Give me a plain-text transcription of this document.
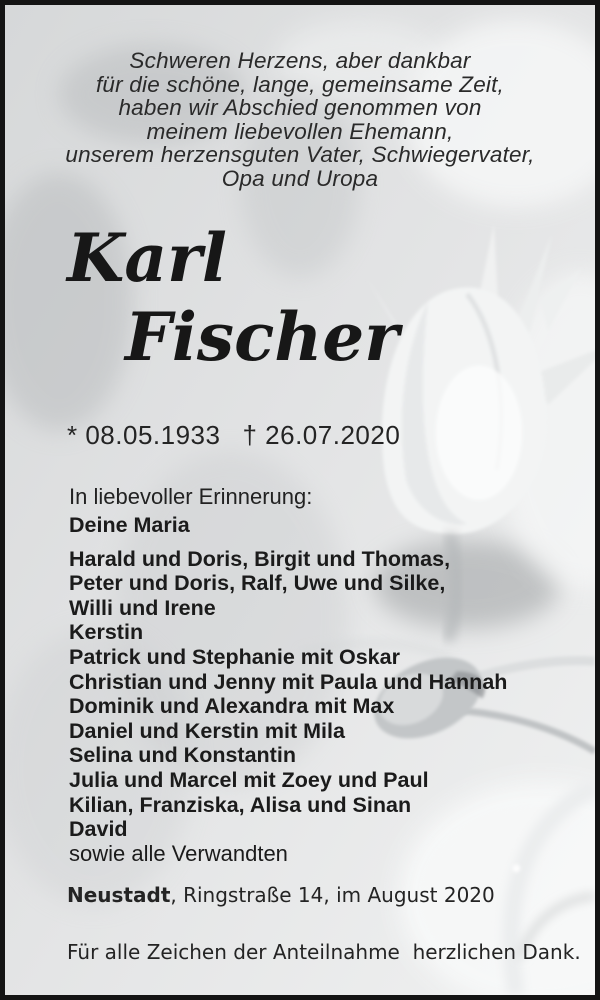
Schweren Herzens, aber dankbar
für die schöne, lange, gemeinsame Zeit,
haben wir Abschied genommen von
meinem liebevollen Ehemann,
unserem herzensguten Vater, Schwiegervater,
Opa und Uropa
Karl
Fischer
* 08.05.1933 † 26.07.2020
In liebevoller Erinnerung:
Deine Maria
Harald und Doris, Birgit und Thomas,
Peter und Doris, Ralf, Uwe und Silke,
Willi und Irene
Kerstin
Patrick und Stephanie mit Oskar
Christian und Jenny mit Paula und Hannah
Dominik und Alexandra mit Max
Daniel und Kerstin mit Mila
Selina und Konstantin
Julia und Marcel mit Zoey und Paul
Kilian, Franziska, Alisa und Sinan
David
sowie alle Verwandten
Neustadt, Ringstraße 14, im August 2020
Für alle Zeichen der Anteilnahme  herzlichen Dank.
